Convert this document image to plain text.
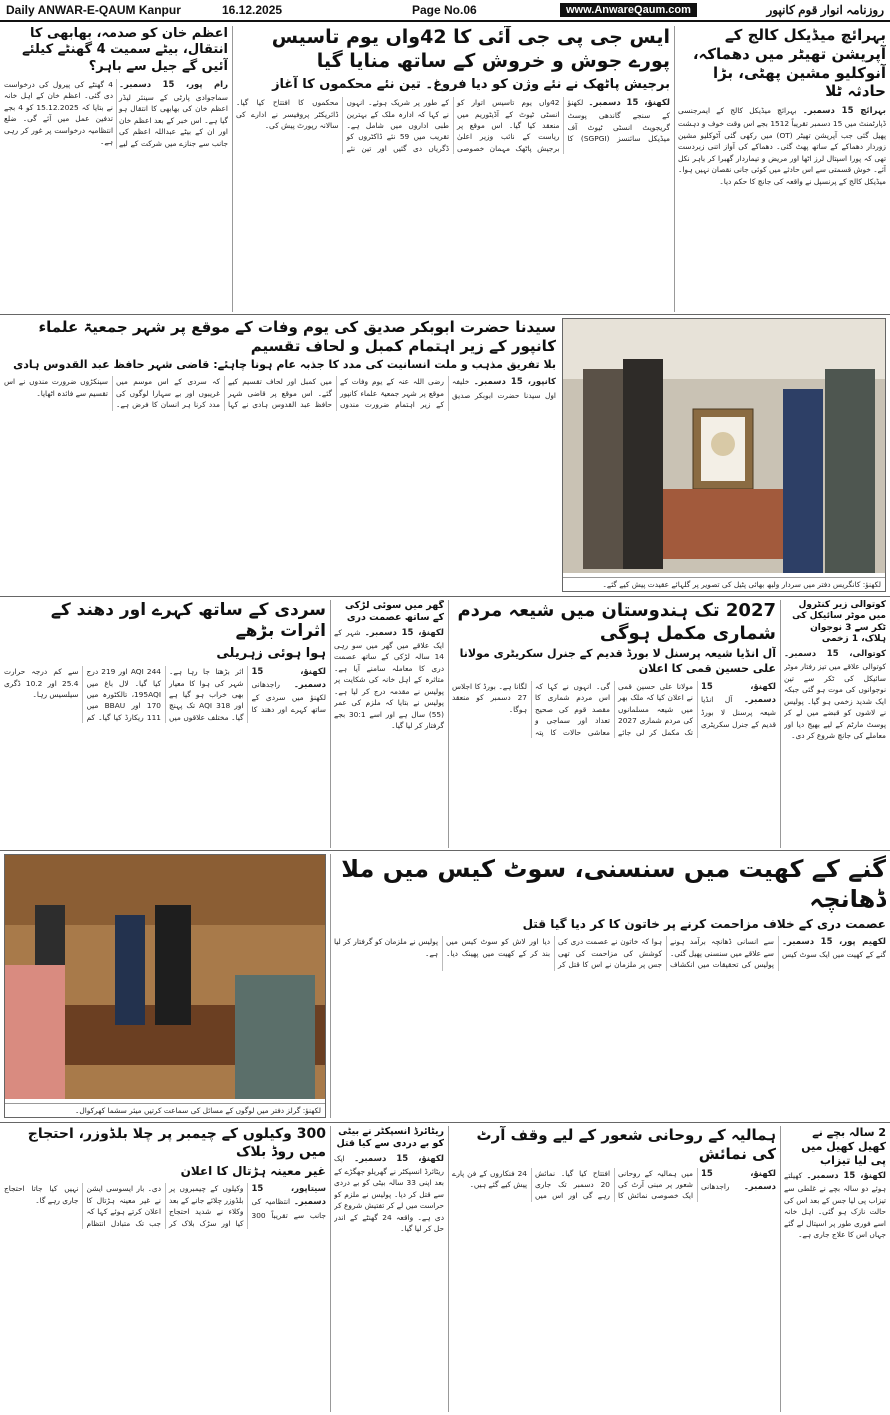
Daily ANWAR-E-QAUM Kanpur	16.12.2025	Page No.06	www.AnwareQaum.com	روزنامہ انوار قوم کانپور
بہرائچ میڈیکل کالج کے آپریشن تھیٹر میں دھماکہ، آنوکلیو مشین پھٹی، بڑا حادثہ ٹلا
بہرائچ 15 دسمبر۔ بہرائچ میڈیکل کالج کے ایمرجنسی ڈپارٹمنٹ میں 15 دسمبر تقریباً 1512 بجے اس وقت خوف و دہشت پھیل گئی جب آپریشن تھیٹر (OT) میں رکھی گئی آٹوکلیو مشین زوردار دھماکے کے ساتھ پھٹ گئی۔ دھماکے کی آواز اتنی زبردست تھی کہ پورا اسپتال لرز اٹھا اور مریض و تیماردار گھبرا کر باہر نکل آئے۔ خوش قسمتی سے اس حادثے میں کوئی جانی نقصان نہیں ہوا۔ میڈیکل کالج کے پرنسپل نے واقعہ کی جانچ کا حکم دیا۔
ایس جی پی جی آئی کا 42واں یوم تاسیس پورے جوش و خروش کے ساتھ منایا گیا
برجیش پاٹھک نے نئے وژن کو دیا فروغ۔ تین نئے محکموں کا آغاز
لکھنؤ، 15 دسمبر۔ لکھنؤ کے سنجے گاندھی پوسٹ گریجویٹ انسٹی ٹیوٹ آف میڈیکل سائنسز (SGPGI) کا 42واں یوم تاسیس اتوار کو انسٹی ٹیوٹ کے آڈیٹوریم میں منعقد کیا گیا۔ اس موقع پر ریاست کے نائب وزیر اعلیٰ برجیش پاٹھک مہمان خصوصی کے طور پر شریک ہوئے۔ انہوں نے کہا کہ ادارہ ملک کے بہترین طبی اداروں میں شامل ہے۔ تقریب میں 59 نئے ڈاکٹروں کو ڈگریاں دی گئیں اور تین نئے محکموں کا افتتاح کیا گیا۔ ڈائریکٹر پروفیسر نے ادارے کی سالانہ رپورٹ پیش کی۔
اعظم خان کو صدمہ، بھابھی کا انتقال، بیٹے سمیت 4 گھنٹے کیلئے آئیں گے جیل سے باہر؟
رام پور، 15 دسمبر۔ سماجوادی پارٹی کے سینئر لیڈر اعظم خان کی بھابھی کا انتقال ہو گیا ہے۔ اس خبر کے بعد اعظم خان اور ان کے بیٹے عبداللہ اعظم کی جانب سے جنازے میں شرکت کے لیے 4 گھنٹے کی پیرول کی درخواست دی گئی۔ اعظم خان کے اہل خانہ نے بتایا کہ 15.12.2025 کو 4 بجے تدفین عمل میں آئے گی۔ ضلع انتظامیہ درخواست پر غور کر رہی ہے۔
لکھنؤ: کانگریس دفتر میں سردار ولبھ بھائی پٹیل کی تصویر پر گلہائے عقیدت پیش کیے گئے۔
سیدنا حضرت ابوبکر صدیق کی یوم وفات کے موقع پر شہر جمعیۃ علماء کانپور کے زیر اہتمام کمبل و لحاف تقسیم
بلا تفریق مذہب و ملت انسانیت کی مدد کا جذبہ عام ہونا چاہئے: قاضی شہر حافظ عبد القدوس ہادی
کانپور، 15 دسمبر۔ خلیفہ اول سیدنا حضرت ابوبکر صدیق رضی اللہ عنہ کے یوم وفات کے موقع پر شہر جمعیۃ علماء کانپور کے زیر اہتمام ضرورت مندوں میں کمبل اور لحاف تقسیم کیے گئے۔ اس موقع پر قاضی شہر حافظ عبد القدوس ہادی نے کہا کہ سردی کے اس موسم میں غریبوں اور بے سہارا لوگوں کی مدد کرنا ہر انسان کا فرض ہے۔ سینکڑوں ضرورت مندوں نے اس تقسیم سے فائدہ اٹھایا۔
کوتوالی زیر کنٹرول میں موٹر سائیکل کی ٹکر سے 3 نوجوان ہلاک، 1 زخمی
کوتوالی، 15 دسمبر۔ کوتوالی علاقے میں تیز رفتار موٹر سائیکل کی ٹکر سے تین نوجوانوں کی موت ہو گئی جبکہ ایک شدید زخمی ہو گیا۔ پولیس نے لاشوں کو قبضے میں لے کر پوسٹ مارٹم کے لیے بھیج دیا اور معاملے کی جانچ شروع کر دی۔
2027 تک ہندوستان میں شیعہ مردم شماری مکمل ہوگی
آل انڈیا شیعہ پرسنل لا بورڈ قدیم کے جنرل سکریٹری مولانا علی حسین قمی کا اعلان
لکھنؤ، 15 دسمبر۔ آل انڈیا شیعہ پرسنل لا بورڈ قدیم کے جنرل سکریٹری مولانا علی حسین قمی نے اعلان کیا کہ ملک بھر میں شیعہ مسلمانوں کی مردم شماری 2027 تک مکمل کر لی جائے گی۔ انہوں نے کہا کہ اس مردم شماری کا مقصد قوم کی صحیح تعداد اور سماجی و معاشی حالات کا پتہ لگانا ہے۔ بورڈ کا اجلاس 27 دسمبر کو منعقد ہوگا۔
گھر میں سوئی لڑکی کے ساتھ عصمت دری
لکھنؤ، 15 دسمبر۔ شہر کے ایک علاقے میں گھر میں سو رہی 14 سالہ لڑکی کے ساتھ عصمت دری کا معاملہ سامنے آیا ہے۔ متاثرہ کے اہل خانہ کی شکایت پر پولیس نے مقدمہ درج کر لیا ہے۔ پولیس نے بتایا کہ ملزم کی عمر (55) سال ہے اور اسے 30:1 بجے گرفتار کر لیا گیا۔
سردی کے ساتھ کہرے اور دھند کے اثرات بڑھے
ہوا ہوئی زہریلی
لکھنؤ، 15 دسمبر۔ راجدھانی لکھنؤ میں سردی کے ساتھ کہرے اور دھند کا اثر بڑھتا جا رہا ہے۔ شہر کی ہوا کا معیار بھی خراب ہو گیا ہے اور AQI 318 تک پہنچ گیا۔ مختلف علاقوں میں AQI 244 اور 219 درج کیا گیا۔ لال باغ میں 195AQI، تالکٹورہ میں 170 اور BBAU میں 111 ریکارڈ کیا گیا۔ کم سے کم درجہ حرارت 25.4 اور 10.2 ڈگری سیلسیس رہا۔
گنے کے کھیت میں سنسنی، سوٹ کیس میں ملا ڈھانچہ
عصمت دری کے خلاف مزاحمت کرنے پر خاتون کا کر دیا گیا قتل
لکھیم پور، 15 دسمبر۔ گنے کے کھیت میں ایک سوٹ کیس سے انسانی ڈھانچہ برآمد ہونے سے علاقے میں سنسنی پھیل گئی۔ پولیس کی تحقیقات میں انکشاف ہوا کہ خاتون نے عصمت دری کی کوشش کی مزاحمت کی تھی جس پر ملزمان نے اس کا قتل کر دیا اور لاش کو سوٹ کیس میں بند کر کے کھیت میں پھینک دیا۔ پولیس نے ملزمان کو گرفتار کر لیا ہے۔
لکھنؤ: گرلز دفتر میں لوگوں کے مسائل کی سماعت کرتیں میئر سشما کھرکوال۔
2 سالہ بچے نے کھیل کھیل میں پی لیا تیزاب
لکھنؤ، 15 دسمبر۔ کھیلتے ہوئے دو سالہ بچے نے غلطی سے تیزاب پی لیا جس کے بعد اس کی حالت نازک ہو گئی۔ اہل خانہ اسے فوری طور پر اسپتال لے گئے جہاں اس کا علاج جاری ہے۔
ہمالیہ کے روحانی شعور کے لیے وقف آرٹ کی نمائش
لکھنؤ، 15 دسمبر۔ راجدھانی میں ہمالیہ کے روحانی شعور پر مبنی آرٹ کی ایک خصوصی نمائش کا افتتاح کیا گیا۔ نمائش 20 دسمبر تک جاری رہے گی اور اس میں 24 فنکاروں کے فن پارے پیش کیے گئے ہیں۔
ریٹائرڈ انسپکٹر نے بیٹی کو بے دردی سے کیا قتل
لکھنؤ، 15 دسمبر۔ ایک ریٹائرڈ انسپکٹر نے گھریلو جھگڑے کے بعد اپنی 33 سالہ بیٹی کو بے دردی سے قتل کر دیا۔ پولیس نے ملزم کو حراست میں لے کر تفتیش شروع کر دی ہے۔ واقعہ 24 گھنٹے کے اندر حل کر لیا گیا۔
300 وکیلوں کے چیمبر پر چلا بلڈوزر، احتجاج میں روڈ بلاک
غیر معینہ ہڑتال کا اعلان
سیتاپور، 15 دسمبر۔ انتظامیہ کی جانب سے تقریباً 300 وکیلوں کے چیمبروں پر بلڈوزر چلائے جانے کے بعد وکلاء نے شدید احتجاج کیا اور سڑک بلاک کر دی۔ بار ایسوسی ایشن نے غیر معینہ ہڑتال کا اعلان کرتے ہوئے کہا کہ جب تک متبادل انتظام نہیں کیا جاتا احتجاج جاری رہے گا۔
